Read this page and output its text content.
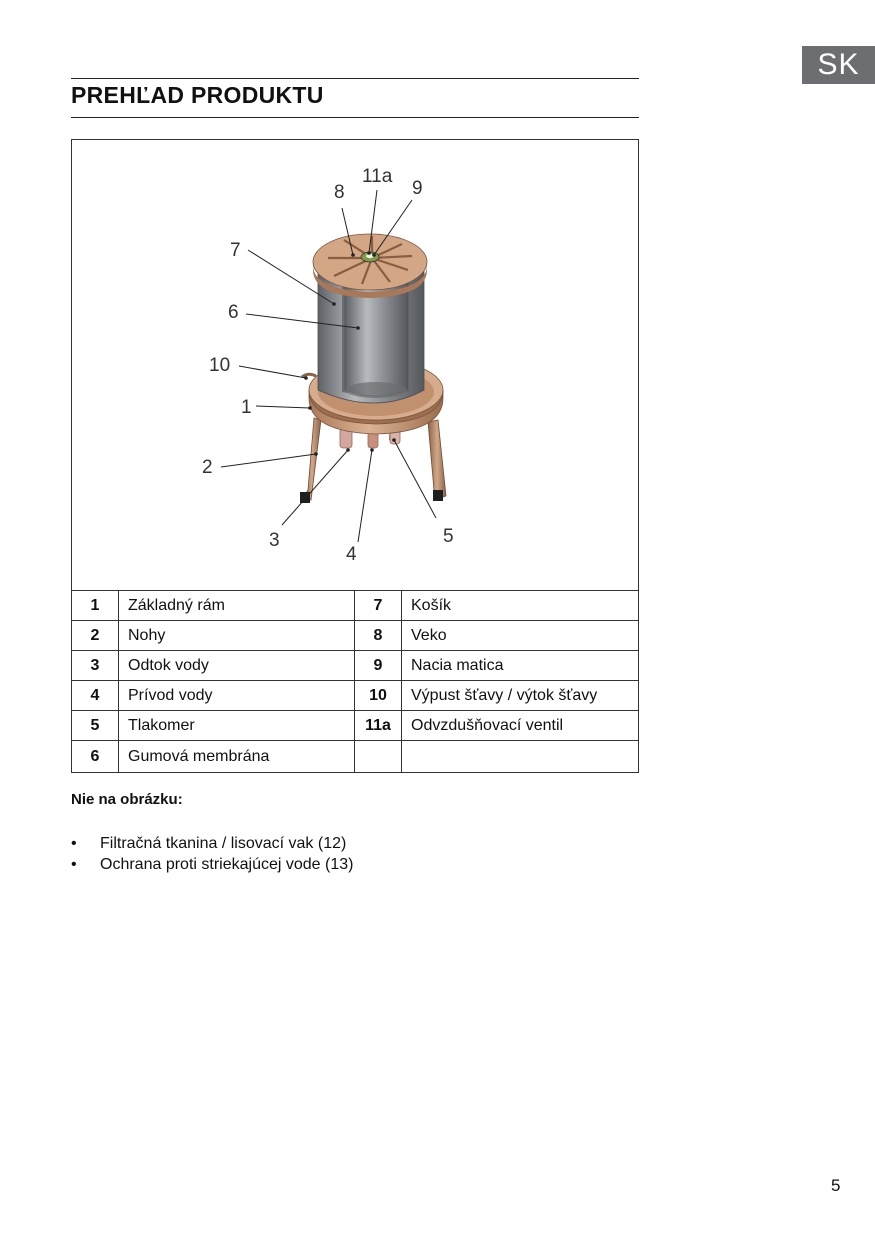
SK
PREHĽAD PRODUKTU
8
11a
9
7
6
10
1
2
3
4
5
1	Základný rám	7	Košík
2	Nohy	8	Veko
3	Odtok vody	9	Nacia matica
4	Prívod vody	10	Výpust šťavy / výtok šťavy
5	Tlakomer	11a	Odvzdušňovací ventil
6	Gumová membrána		
Nie na obrázku:
• Filtračná tkanina / lisovací vak (12)
• Ochrana proti striekajúcej vode (13)
5
